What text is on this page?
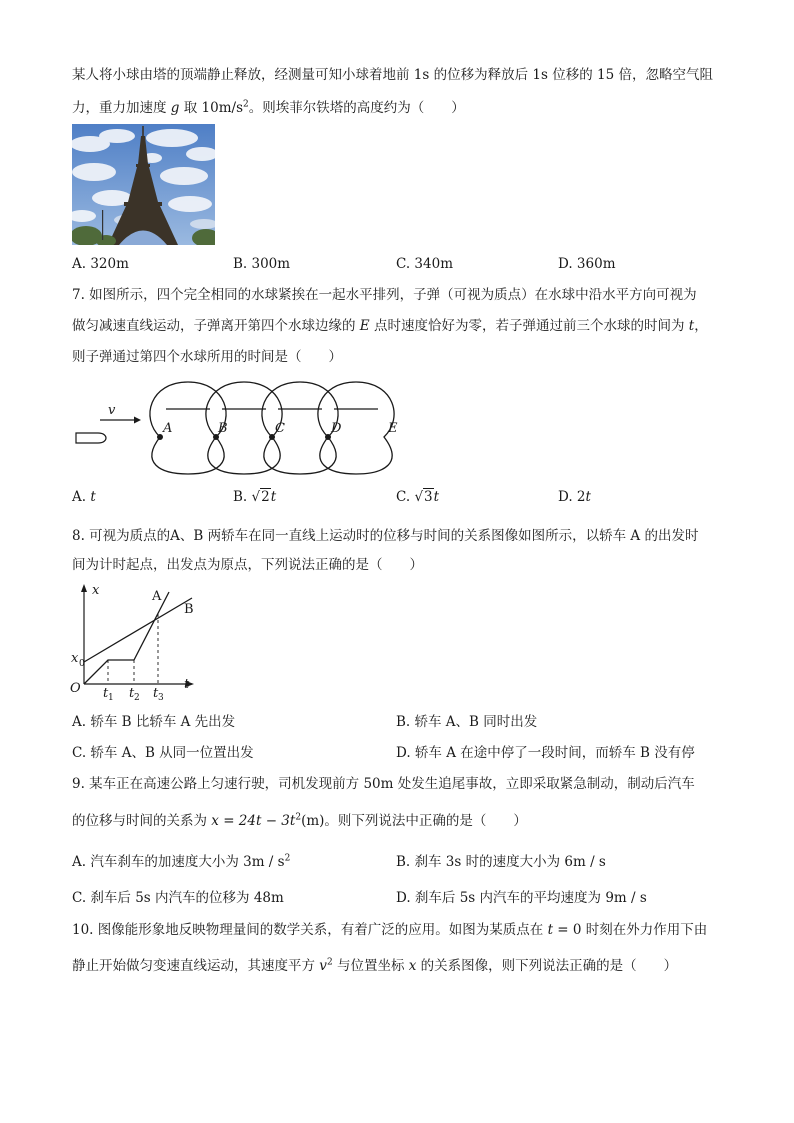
某人将小球由塔的顶端静止释放，经测量可知小球着地前 1s 的位移为释放后 1s 位移的 15 倍，忽略空气阻
力，重力加速度 g 取 $10m/s^2$。则埃菲尔铁塔的高度约为（　　）
A. 320m	B. 300m	C. 340m	D. 360m
7. 如图所示，四个完全相同的水球紧挨在一起水平排列，子弹（可视为质点）在水球中沿水平方向可视为
做匀减速直线运动，子弹离开第四个水球边缘的 E 点时速度恰好为零，若子弹通过前三个水球的时间为 t，
则子弹通过第四个水球所用的时间是（　　）
v
A	B	C	D	E
A. t	B. √2t	C. √3t	D. 2t
8. 可视为质点的A、B 两轿车在同一直线上运动时的位移与时间的关系图像如图所示，以轿车 A 的出发时
间为计时起点，出发点为原点，下列说法正确的是（　　）
x
t
O
x 0
t 1 t 2 t 3
A
B
A. 轿车 B 比轿车 A 先出发	B. 轿车 A、B 同时出发
C. 轿车 A、B 从同一位置出发	D. 轿车 A 在途中停了一段时间，而轿车 B 没有停
9. 某车正在高速公路上匀速行驶，司机发现前方 50m 处发生追尾事故，立即采取紧急制动，制动后汽车
的位移与时间的关系为 $x = 24t - 3t^2(m)$。则下列说法中正确的是（　　）
A. 汽车刹车的加速度大小为 $3m / s^2$	B. 刹车 3s 时的速度大小为 6m / s
C. 刹车后 5s 内汽车的位移为 48m	D. 刹车后 5s 内汽车的平均速度为 9m / s
10. 图像能形象地反映物理量间的数学关系，有着广泛的应用。如图为某质点在 t = 0 时刻在外力作用下由
静止开始做匀变速直线运动，其速度平方 $v^2$ 与位置坐标 x 的关系图像，则下列说法正确的是（　　）
